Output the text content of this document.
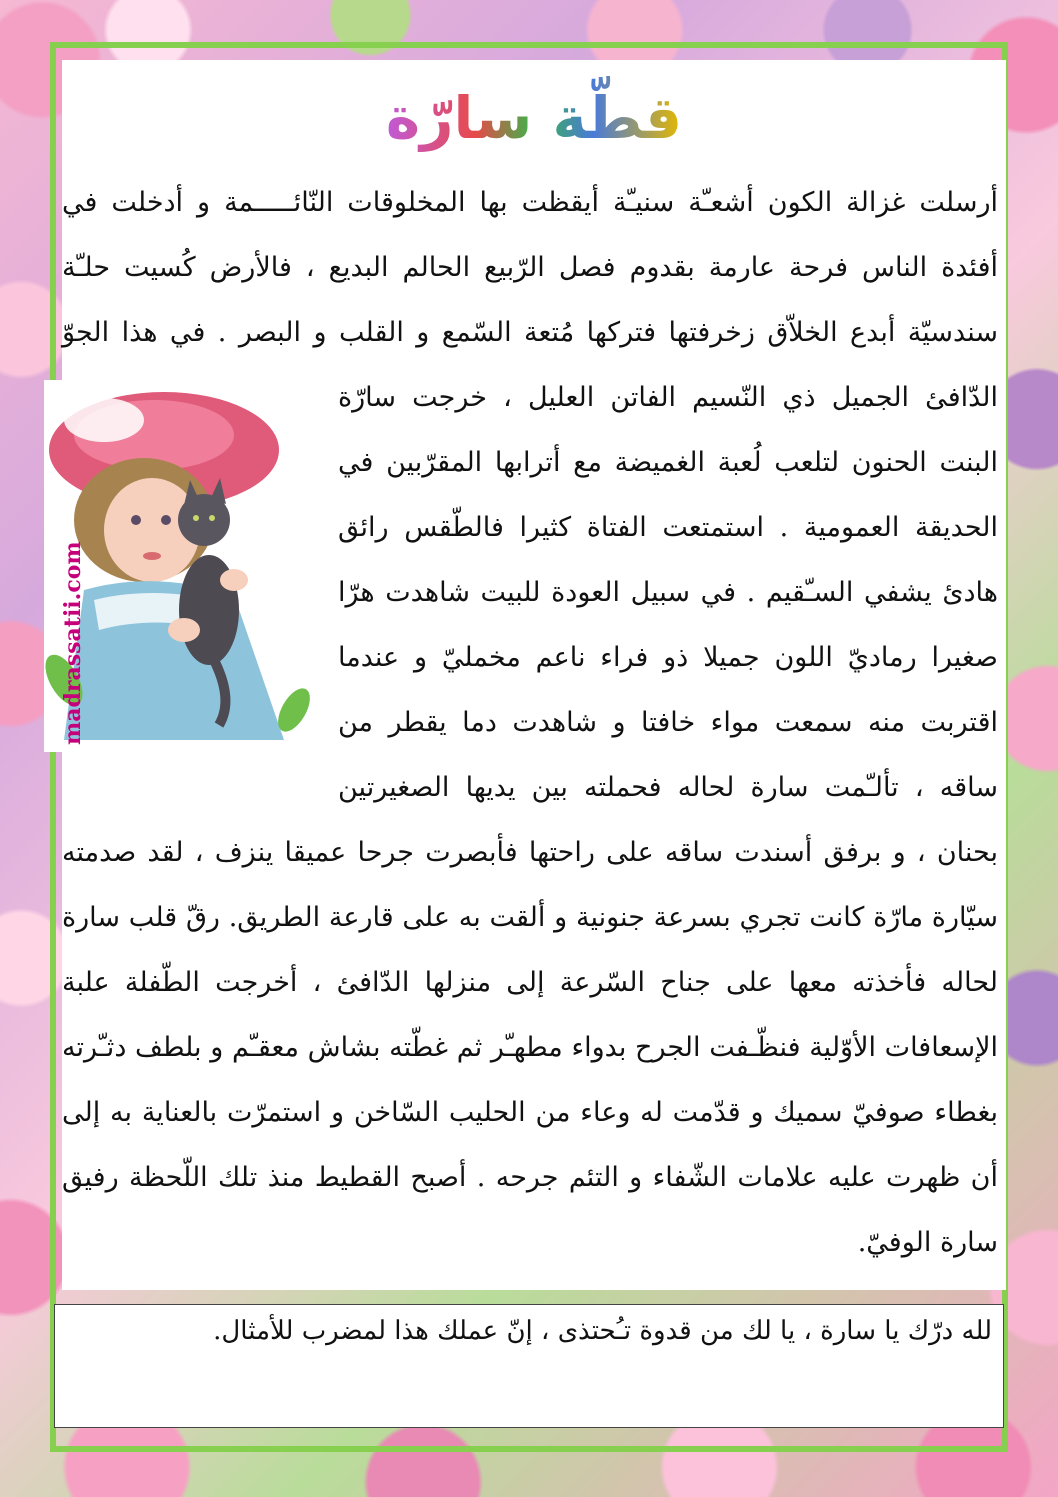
قطّة سارّة
madrassatii.com

أرسلت غزالة الكون أشعـّة سنيـّة أيقظت بها المخلوقات النّائـــــمة و أدخلت في أفئدة الناس فرحة عارمة بقدوم فصل الرّبيع الحالم البديع ، فالأرض كُسيت حلـّة سندسيّة أبدع الخلاّق زخرفتها فتركها مُتعة السّمع و القلب و البصر . في هذا الجوّ الدّافئ الجميل ذي النّسيم الفاتن العليل ، خرجت سارّة البنت الحنون لتلعب لُعبة الغميضة مع أترابها المقرّبين في الحديقة العمومية . استمتعت الفتاة كثيرا فالطّقس رائق هادئ يشفي السـّقيم . في سبيل العودة للبيت شاهدت هرّا صغيرا رماديّ اللون جميلا ذو فراء ناعم مخمليّ و عندما اقتربت منه سمعت مواء خافتا و شاهدت دما يقطر من ساقه ، تألـّمت سارة لحاله فحملته بين يديها الصغيرتين بحنان ، و برفق أسندت ساقه على راحتها فأبصرت جرحا عميقا ينزف ، لقد صدمته سيّارة مارّة كانت تجري بسرعة جنونية و ألقت به على قارعة الطريق. رقّ قلب سارة لحاله فأخذته معها على جناح السّرعة إلى منزلها الدّافئ ، أخرجت الطّفلة علبة الإسعافات الأوّلية فنظّـفت الجرح بدواء مطهـّر ثم غطّته بشاش معقـّم و بلطف دثـّرته بغطاء صوفيّ سميك و قدّمت له وعاء من الحليب السّاخن و استمرّت بالعناية به إلى أن ظهرت عليه علامات الشّفاء و التئم جرحه . أصبح القطيط منذ تلك اللّحظة رفيق سارة الوفيّ.

لله درّك يا سارة ، يا لك من قدوة تـُحتذى ، إنّ عملك هذا لمضرب للأمثال.
